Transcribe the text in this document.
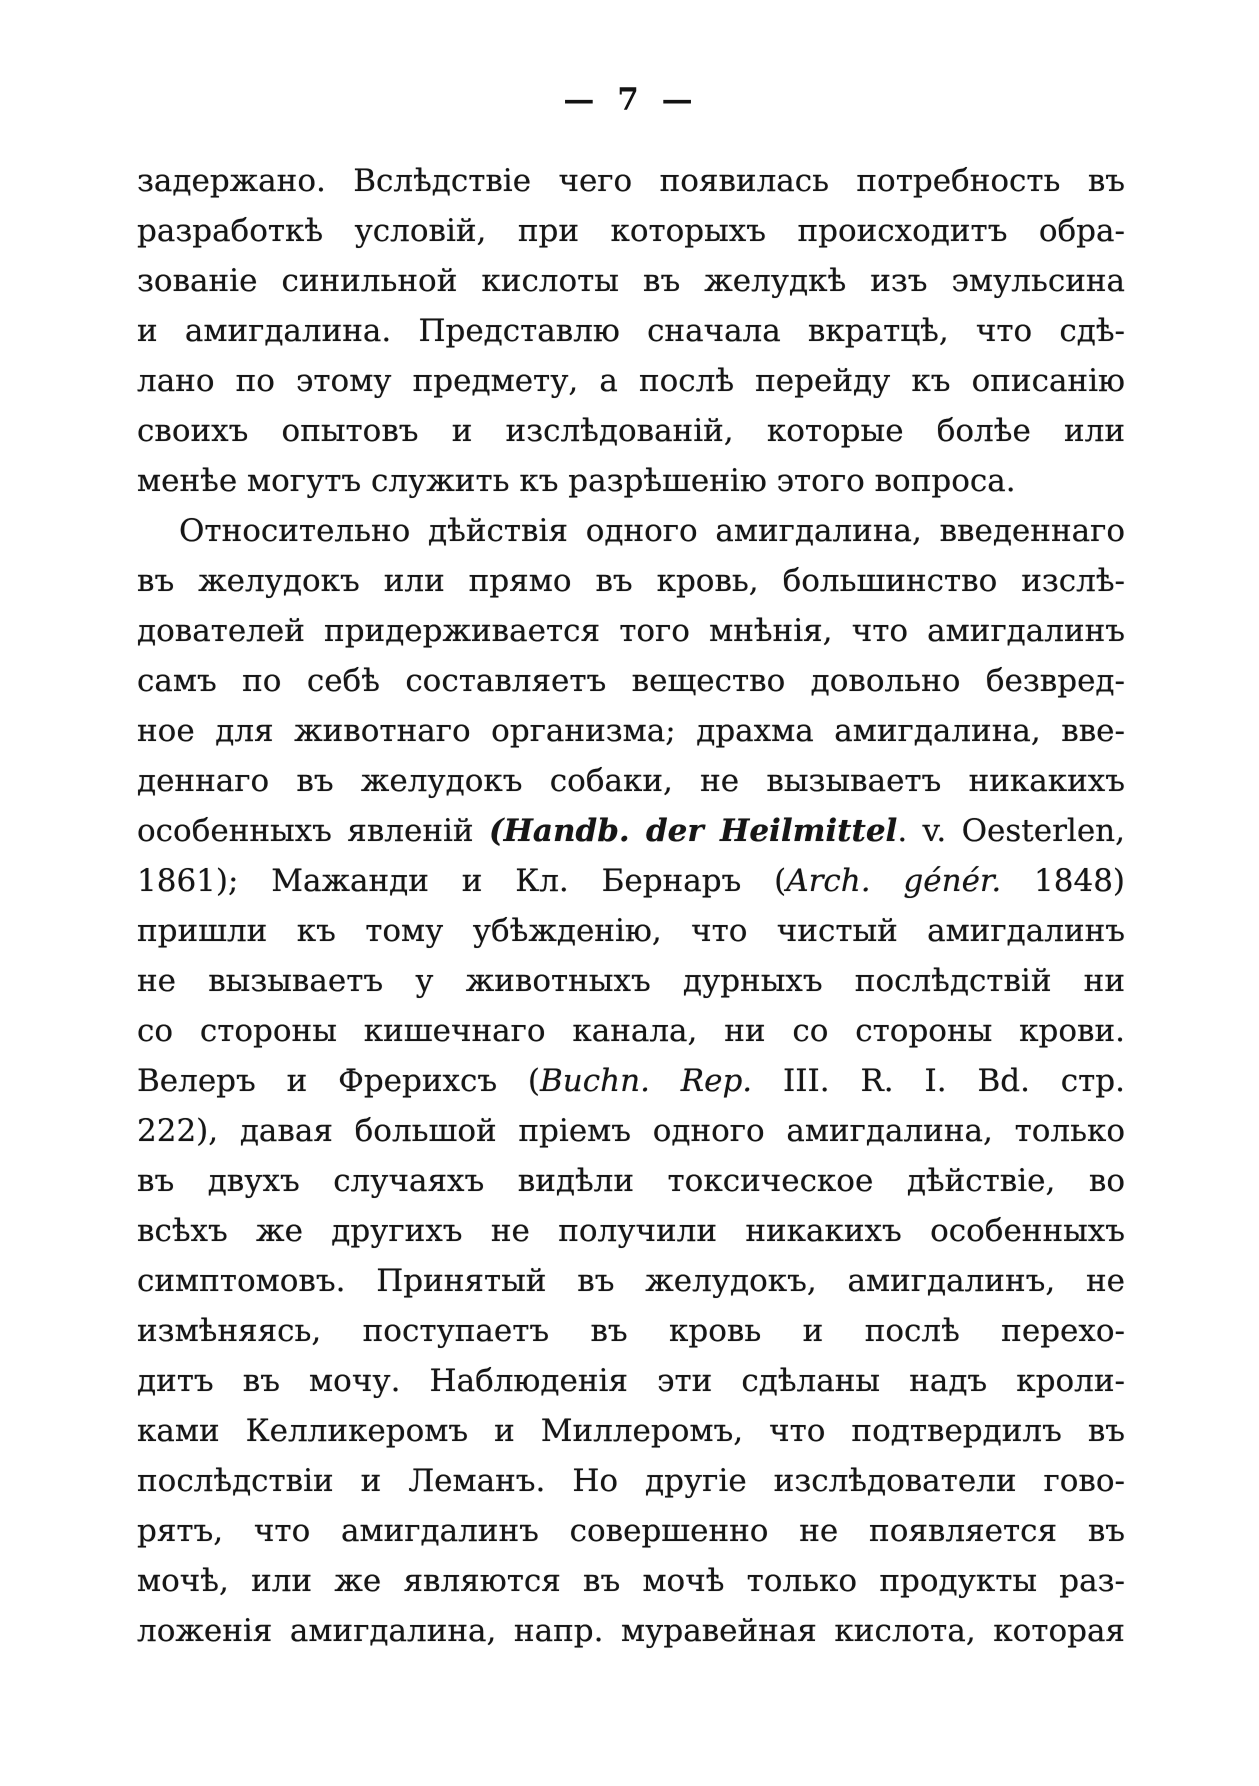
— 7 —
задержано. Вслѣдствіе чего появилась потребность въ
разработкѣ условій, при которыхъ происходитъ обра-
зованіе синильной кислоты въ желудкѣ изъ эмульсина
и амигдалина. Представлю сначала вкратцѣ, что сдѣ-
лано по этому предмету, а послѣ перейду къ описанію
своихъ опытовъ и изслѣдованій, которые болѣе или
менѣе могутъ служить къ разрѣшенію этого вопроса.
Относительно дѣйствія одного амигдалина, введеннаго
въ желудокъ или прямо въ кровь, большинство изслѣ-
дователей придерживается того мнѣнія, что амигдалинъ
самъ по себѣ составляетъ вещество довольно безвред-
ное для животнаго организма; драхма амигдалина, вве-
деннаго въ желудокъ собаки, не вызываетъ никакихъ
особенныхъ явленій (Handb. der Heilmittel. v. Oesterlen,
1861); Мажанди и Кл. Бернаръ (Arch. génér. 1848)
пришли къ тому убѣжденію, что чистый амигдалинъ
не вызываетъ у животныхъ дурныхъ послѣдствій ни
со стороны кишечнаго канала, ни со стороны крови.
Велеръ и Фрерихсъ (Buchn. Rep. III. R. I. Bd. стр.
222), давая большой пріемъ одного амигдалина, только
въ двухъ случаяхъ видѣли токсическое дѣйствіе, во
всѣхъ же другихъ не получили никакихъ особенныхъ
симптомовъ. Принятый въ желудокъ, амигдалинъ, не
измѣняясь, поступаетъ въ кровь и послѣ перехо-
дитъ въ мочу. Наблюденія эти сдѣланы надъ кроли-
ками Келликеромъ и Миллеромъ, что подтвердилъ въ
послѣдствіи и Леманъ. Но другіе изслѣдователи гово-
рятъ, что амигдалинъ совершенно не появляется въ
мочѣ, или же являются въ мочѣ только продукты раз-
ложенія амигдалина, напр. муравейная кислота, которая
